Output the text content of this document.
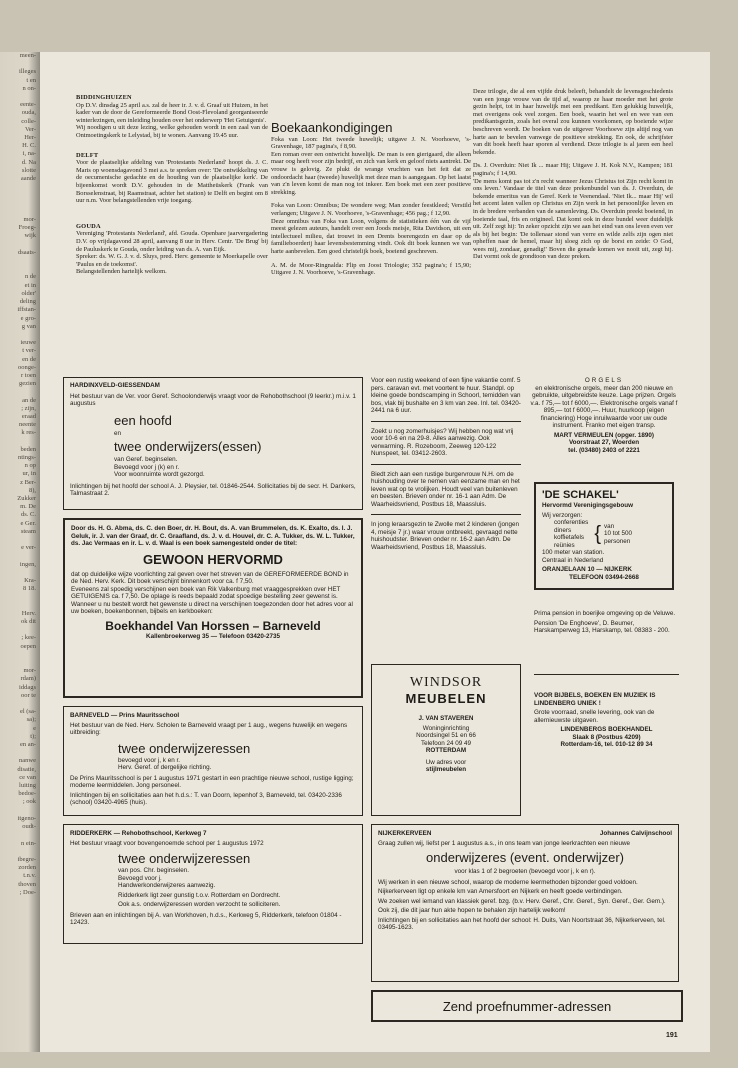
meen-

illeges
t en
n on-

eente-
ouda,
colle-
Ver-
Her-
H. C.
i, na-
d. Na
slotte
aande

mor-
Froeg-
wijk

dsaats-

n de
et in
older'
deling
iffstan-
e gro-
g van

ieuwe
t ver-
en de
oonge-
r toen
gezien

an de
; zijn,
eraad
neente
k res-

beden
ntings-
n op
ur, in
z Ber-
8),
Zukker
m. De
ds. C.
e Ger.
steam

e ver-

ingen,

Kra-
8 18.

Herv.
ok dit

; kee-
oepen

mor-
rdam)
iddags
oor te

el (sa-
sa);
e
t);
en an-

nanwe
disatie,
ce van
luiting
bedoe-
; ook

itgeno-
oudt-

n ein-

ibegre-
zorden
t.n.v.
thoven
; Doe-

BIDDINGHUIZEN

Op D.V. dinsdag 25 april a.s. zal de heer ir. J. v. d. Graaf uit Huizen, in het kader van de door de Gereformeerde Bond Oost-Flevoland georganiseerde winterlezingen, een inleiding houden over het onderwerp 'Het Getuigenis'.

Wij noodigen u uit deze lezing, welke gehouden wordt in een zaal van de Ontmoetingskerk te Lelystad, bij te wonen. Aanvang 19.45 uur.

DELFT

Voor de plaatselijke afdeling van 'Protestants Nederland' hoopt ds. J. C. Maris op woensdagavond 3 mei a.s. te spreken over: 'De ontwikkeling van de oecumenische gedachte en de houding van de plaatselijke kerk'. De bijeenkomst wordt D.V. gehouden in de Mattheüskerk (Frank van Borsselenstraat, bij Raamstraat, achter het station) te Delft en begint om 8 uur n.m. Voor belangstellenden vrije toegang.

GOUDA

Vereniging 'Protestants Nederland', afd. Gouda. Openbare jaarvergadering D.V. op vrijdagavond 28 april, aanvang 8 uur in Herv. Centr. 'De Brug' bij de Pauluskerk te Gouda, onder leiding van ds. A. van Eijk.

Spreker: ds. W. G. J. v. d. Sluys, pred. Herv. gemeente te Moerkapelle over 'Paulus en de toekomst'.
Belangstellenden hartelijk welkom.

Boekaankondigingen

Foka van Loon: Het tweede huwelijk; uitgave J. N. Voorhoeve, 's-Gravenhage, 187 pagina's, f 8,90.

Een roman over een ontwricht huwelijk. De man is een gierigaard, die alleen maar oog heeft voor zijn bedrijf, en zich van kerk en geloof niets aantrekt. De vrouw is gelovig. Ze plukt de wrange vruchten van het feit dat ze ondoordacht haar (tweede) huwelijk met deze man is aangegaan. Op het laatst van z'n leven komt de man nog tot inkeer. Een boek met een zeer positieve strekking.

Foka van Loon: Omnibus; De wondere weg; Man zonder feestkleed; Verstild verlangen; Uitgave J. N. Voorhoeve, 's-Gravenhage; 456 pag.; f 12,90.

Deze omnibus van Foka van Loon, volgens de statistieken één van de vijf meest gelezen auteurs, handelt over een Joods meisje, Rita Davidson, uit een intellectueel milieu, dat trouwt in een Drents boerengezin en daar op de familieboerderij haar levensbestemming vindt. Ook dit boek kunnen we van harte aanbevelen. Een goed christelijk boek, boeiend geschreven.

A. M. de Moor-Ringnalda: Flip en Joost Triologie; 352 pagina's; f 15,90; Uitgave J. N. Voorhoeve, 's-Gravenhage.

Deze trilogie, die al een vijfde druk beleeft, behandelt de levensgeschiedenis van een jonge vrouw van de tijd af, waarop ze haar moeder met het grote gezin helpt, tot in haar huwelijk met een predikant. Een gelukkig huwelijk, met overigens ook veel zorgen. Een boek, waarin het wel en wee van een predikantsgezin, zoals het overal zou kunnen voorkomen, op boeiende wijze beschreven wordt. De boeken van de uitgever Voorhoeve zijn altijd nog van harte aan te bevelen vanwege de positieve strekking. En ook, de schrijfster van dit boek heeft haar sporen al verdiend. Deze trilogie is al jaren een heel bekende.

Ds. J. Overduin: Niet Ik ... maar Hij; Uitgave J. H. Kok N.V., Kampen; 181 pagina's; f 14,90.

'De mens komt pas tot z'n recht wanneer Jezus Christus tot Zijn recht komt in ons leven.' Vandaar de titel van deze prekenbundel van ds. J. Overduin, de bekende emeritus van de Geref. Kerk te Veenendaal. 'Niet Ik... maar Hij' wil het accent laten vallen op Christus en Zijn werk in het persoonlijke leven en in de bredere verbanden van de samenleving. Ds. Overduin preekt boeiend, in boeiende taal, fris en origineel. Dat komt ook in deze bundel weer duidelijk uit. Zelf zegt hij: 'In zeker opzicht zijn we aan het eind van ons leven even ver als bij het begin: 'De tollenaar stond van verre en wilde zelfs zijn ogen niet opheffen naar de hemel, maar hij sloeg zich op de borst en zeide: O God, wees mij, zondaar, genadig!' Boven die genade komen we nooit uit, zegt hij. Dat vormt ook de grondtoon van deze preken.

HARDINXVELD-GIESSENDAM

Het bestuur van de Ver. voor Geref. Schoolonderwijs vraagt voor de Rehobothschool (9 leerkr.) m.i.v. 1 augustus

een hoofd

en

twee onderwijzers(essen)

van Geref. beginselen.

Bevoegd voor j (k) en r.

Voor woonruimte wordt gezorgd.

Inlichtingen bij het hoofd der school A. J. Pleysier, tel. 01846-2544. Sollicitaties bij de secr. H. Dankers, Talmastraat 2.

Door ds. H. G. Abma, ds. C. den Boer, dr. H. Bout, ds. A. van Brummelen, ds. K. Exalto, ds. I. J. Geluk, ir. J. van der Graaf, dr. C. Graafland, ds. J. v. d. Houvel, dr. C. A. Tukker, ds. W. L. Tukker, ds. Jac Vermaas en ir. L. v. d. Waal is een boek samengesteld onder de titel:

GEWOON HERVORMD

dat op duidelijke wijze voorlichting zal geven over het streven van de GEREFORMEERDE BOND in de Ned. Herv. Kerk. Dit boek verschijnt binnenkort voor ca. f 7,50.

Eveneens zal spoedig verschijnen een boek van Rik Valkenburg met vraaggesprekken over HET GETUIGENIS ca. f 7,50. De oplage is reeds bepaald zodat spoedige bestelling zeer gewenst is.

Wanneer u nu bestelt wordt het gewenste u direct na verschijnen toegezonden door het adres voor al uw boeken, boekenbonnen, bijbels en kerkboeken:

Boekhandel Van Horssen – Barneveld

Kallenbroekerweg 35 — Telefoon 03420-2735

BARNEVELD — Prins Mauritsschool

Het bestuur van de Ned. Herv. Scholen te Barneveld vraagt per 1 aug., wegens huwelijk en wegens uitbreiding:

twee onderwijzeressen

bevoegd voor j, k en r.

Herv. Geref. of dergelijke richting.

De Prins Mauritsschool is per 1 augustus 1971 gestart in een prachtige nieuwe school, rustige ligging; moderne leermiddelen. Jong personeel.

Inlichtingen bij en sollicitaties aan het h.d.s.: T. van Doorn, lepenhof 3, Barneveld, tel. 03420-2336 (school) 03420-4965 (huis).

RIDDERKERK — Rehobothschool, Kerkweg 7

Het bestuur vraagt voor bovengenoemde school per 1 augustus 1972

twee onderwijzeressen

van pos. Chr. beginselen.

Bevoegd voor j.

Handwerkonderwijzeres aanwezig.

Ridderkerk ligt zeer gunstig t.o.v. Rotterdam en Dordrecht.

Ook a.s. onderwijzeressen worden verzocht te solliciteren.

Brieven aan en inlichtingen bij A. van Workhoven, h.d.s., Kerkweg 5, Ridderkerk, telefoon 01804 - 12423.

Voor een rustig weekend of een fijne vakantie comf. 5 pers. caravan evt. met voortent te huur. Standpl. op kleine goede bondscamping in Schoorl, temidden van bos, vlak bij bushalte en 3 km van zee. Inl. tel. 03420-2441 na 6 uur.

Zoekt u nog zomerhuisjes? Wij hebben nog wat vrij voor 10-6 en na 29-8. Alles aanwezig. Ook verwarming. R. Rozeboom, Zeeweg 120-122 Nunspeet, tel. 03412-2603.

Biedt zich aan een rustige burgervrouw N.H. om de huishouding over te nemen van eenzame man en het leven wat op te vrolijken. Houdt veel van buitenleven en beesten. Brieven onder nr. 16-1 aan Adm. De Waarheidsvriend, Postbus 18, Maassluis.

In jong leraarsgezin te Zwolle met 2 kinderen (jongen 4, meisje 7 jr.) waar vrouw ontbreekt, gevraagd nette huishoudster. Brieven onder nr. 16-2 aan Adm. De Waarheidsvriend, Postbus 18, Maassluis.

WINDSOR

MEUBELEN

J. VAN STAVEREN

Woninginrichting

Noordsingel 51 en 66

Telefoon 24 09 49

ROTTERDAM

Uw adres voor

stijlmeubelen

ORGELS

en elektronische orgels, meer dan 200 nieuwe en gebruikte, uitgebreidste keuze. Lage prijzen. Orgels v.a. f 75,— tot f 6000,—. Elektronische orgels vanaf f 895,— tot f 6000,—. Huur, huurkoop (eigen financiering) Hoge inruilwaarde voor uw oude instrument. Franko met eigen transp.

MART VERMEULEN (opger. 1890)

Voorstraat 27, Woerden

tel. (03480) 2403 of 2221

'DE SCHAKEL'

Hervormd Verenigingsgebouw

Wij verzorgen:

conferenties

diners

koffietafels

reünies { van

10 tot 500

personen

100 meter van station.

Centraal in Nederland

ORANJELAAN 10 — NIJKERK

TELEFOON 03494-2668

Prima pension in boerijke omgeving op de Veluwe.

Pension 'De Enghoeve', D. Beumer, Harskamperweg 13, Harskamp, tel. 08383 - 200.

VOOR BIJBELS, BOEKEN EN MUZIEK IS LINDENBERG UNIEK !

Grote voorraad, snelle levering, ook van de allernieuwste uitgaven.

LINDENBERGS BOEKHANDEL

Slaak 8 (Postbus 4209)

Rotterdam-16, tel. 010-12 89 34

NIJKERKERVEEN	Johannes Calvijnschool

Graag zullen wij, liefst per 1 augustus a.s., in ons team van jonge leerkrachten een nieuwe

onderwijzeres (event. onderwijzer)

voor klas 1 of 2 begroeten (bevoegd voor j, k en r).

Wij werken in een nieuwe school, waarop de moderne leermethoden bijzonder goed voldoen.

Nijkerkerveen ligt op enkele km van Amersfoort en Nijkerk en heeft goede verbindingen.

We zoeken wel iemand van klassiek geref. bzg. (b.v. Herv. Geref., Chr. Geref., Syn. Geref., Ger. Gem.).

Ook zij, die dit jaar hun akte hopen te behalen zijn hartelijk welkom!

Inlichtingen bij en sollicitaties aan het hoofd der school: H. Duits, Van Noortstraat 36, Nijkerkerveen, tel. 03495-1623.

Zend proefnummer-adressen

191
